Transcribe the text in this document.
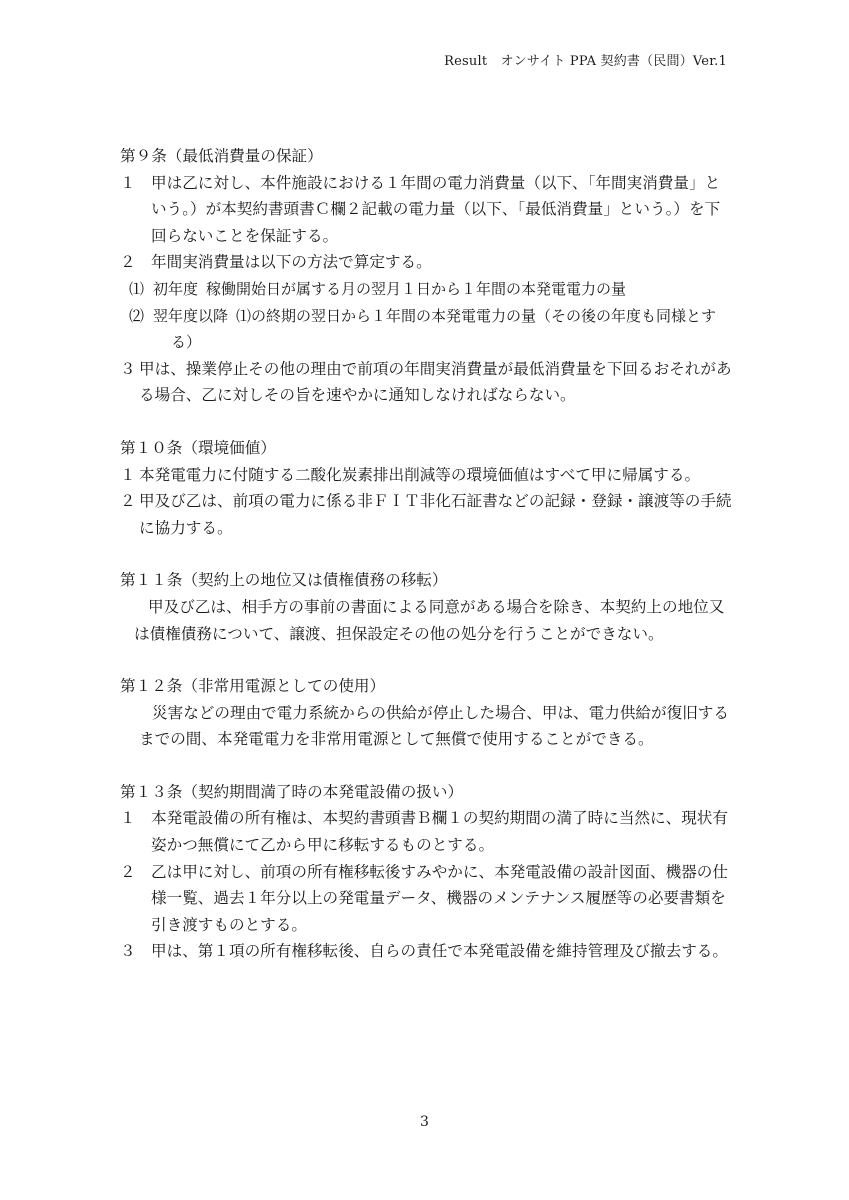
Result　オンサイト PPA 契約書（民間）Ver.1

第９条（最低消費量の保証）

１ 甲は乙に対し、本件施設における１年間の電力消費量（以下、「年間実消費量」という。）が本契約書頭書Ｃ欄２記載の電力量（以下、「最低消費量」という。）を下回らないことを保証する。

２ 年間実消費量は以下の方法で算定する。

⑴ 初年度 稼働開始日が属する月の翌月１日から１年間の本発電電力の量

⑵ 翌年度以降 ⑴の終期の翌日から１年間の本発電電力の量（その後の年度も同様とする）

３ 甲は、操業停止その他の理由で前項の年間実消費量が最低消費量を下回るおそれがある場合、乙に対しその旨を速やかに通知しなければならない。

第１０条（環境価値）

１ 本発電電力に付随する二酸化炭素排出削減等の環境価値はすべて甲に帰属する。

２ 甲及び乙は、前項の電力に係る非ＦＩＴ非化石証書などの記録・登録・譲渡等の手続に協力する。

第１１条（契約上の地位又は債権債務の移転）

甲及び乙は、相手方の事前の書面による同意がある場合を除き、本契約上の地位又は債権債務について、譲渡、担保設定その他の処分を行うことができない。

第１２条（非常用電源としての使用）

災害などの理由で電力系統からの供給が停止した場合、甲は、電力供給が復旧するまでの間、本発電電力を非常用電源として無償で使用することができる。

第１３条（契約期間満了時の本発電設備の扱い）

１ 本発電設備の所有権は、本契約書頭書Ｂ欄１の契約期間の満了時に当然に、現状有姿かつ無償にて乙から甲に移転するものとする。

２ 乙は甲に対し、前項の所有権移転後すみやかに、本発電設備の設計図面、機器の仕様一覧、過去１年分以上の発電量データ、機器のメンテナンス履歴等の必要書類を引き渡すものとする。

３ 甲は、第１項の所有権移転後、自らの責任で本発電設備を維持管理及び撤去する。

3
